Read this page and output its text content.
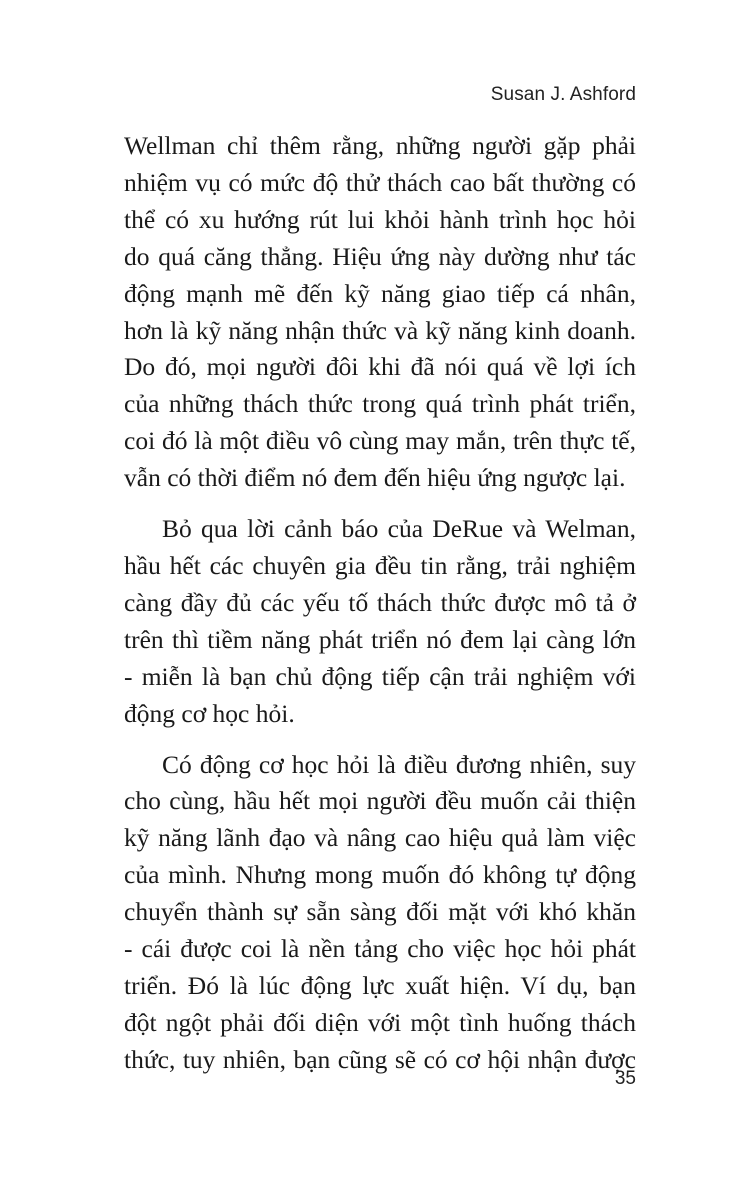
Susan J. Ashford

Wellman chỉ thêm rằng, những người gặp phải
nhiệm vụ có mức độ thử thách cao bất thường có
thể có xu hướng rút lui khỏi hành trình học hỏi
do quá căng thẳng. Hiệu ứng này dường như tác
động mạnh mẽ đến kỹ năng giao tiếp cá nhân,
hơn là kỹ năng nhận thức và kỹ năng kinh doanh.
Do đó, mọi người đôi khi đã nói quá về lợi ích
của những thách thức trong quá trình phát triển,
coi đó là một điều vô cùng may mắn, trên thực tế,
vẫn có thời điểm nó đem đến hiệu ứng ngược lại.

Bỏ qua lời cảnh báo của DeRue và Welman,
hầu hết các chuyên gia đều tin rằng, trải nghiệm
càng đầy đủ các yếu tố thách thức được mô tả ở
trên thì tiềm năng phát triển nó đem lại càng lớn
- miễn là bạn chủ động tiếp cận trải nghiệm với
động cơ học hỏi.

Có động cơ học hỏi là điều đương nhiên, suy
cho cùng, hầu hết mọi người đều muốn cải thiện
kỹ năng lãnh đạo và nâng cao hiệu quả làm việc
của mình. Nhưng mong muốn đó không tự động
chuyển thành sự sẵn sàng đối mặt với khó khăn
- cái được coi là nền tảng cho việc học hỏi phát
triển. Đó là lúc động lực xuất hiện. Ví dụ, bạn
đột ngột phải đối diện với một tình huống thách
thức, tuy nhiên, bạn cũng sẽ có cơ hội nhận được

35
